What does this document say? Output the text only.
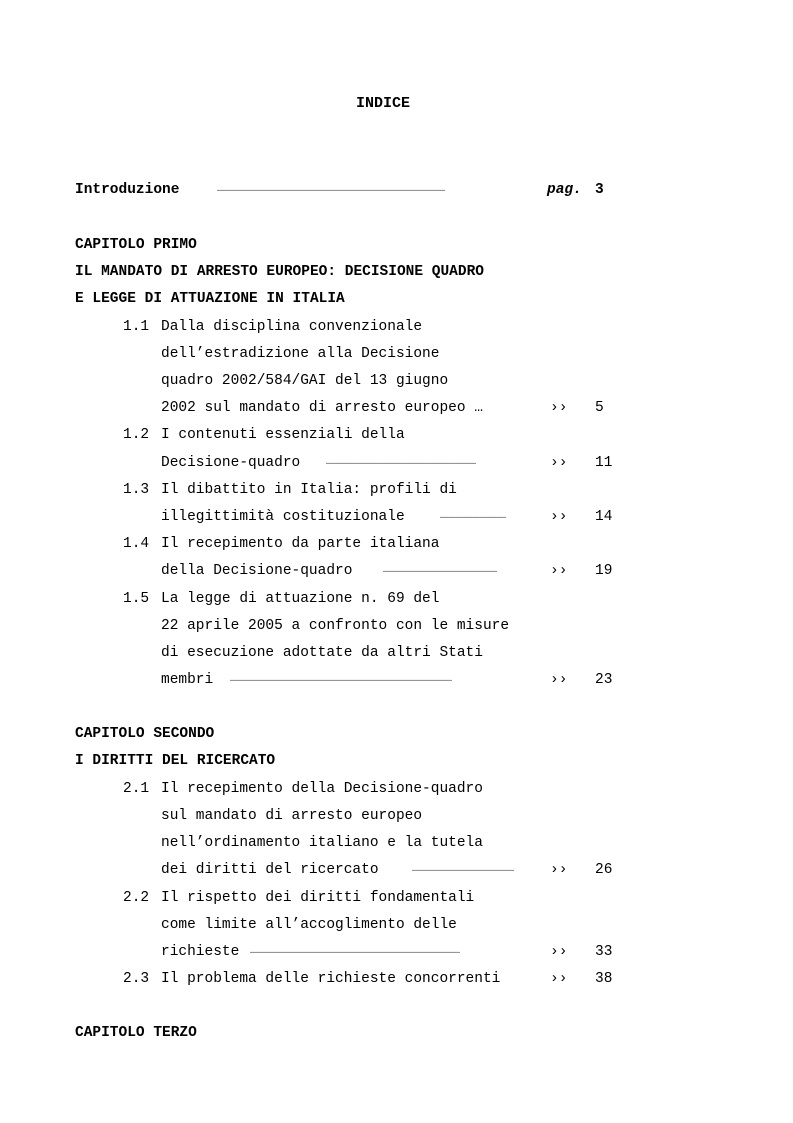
INDICE
Introduzione	……………………………………………………………………………………………………	pag. 3
CAPITOLO PRIMO
IL MANDATO DI ARRESTO EUROPEO: DECISIONE QUADRO
E LEGGE DI ATTUAZIONE IN ITALIA
1.1 Dalla disciplina convenzionale
dell’estradizione alla Decisione
quadro 2002/584/GAI del 13 giugno
2002 sul mandato di arresto europeo …	›› 5
1.2 I contenuti essenziali della
Decisione-quadro	…………………………………………………………………	›› 11
1.3 Il dibattito in Italia: profili di
illegittimità costituzionale	……………………………	›› 14
1.4 Il recepimento da parte italiana
della Decisione-quadro	…………………………………………………	›› 19
1.5 La legge di attuazione n. 69 del
22 aprile 2005 a confronto con le misure
di esecuzione adottate da altri Stati
membri …………………………………………………………………………………………………	›› 23
CAPITOLO SECONDO
I DIRITTI DEL RICERCATO
2.1 Il recepimento della Decisione-quadro
sul mandato di arresto europeo
nell’ordinamento italiano e la tutela
dei diritti del ricercato	……………………………………………	›› 26
2.2 Il rispetto dei diritti fondamentali
come limite all’accoglimento delle
richieste ……………………………………………………………………………………………	›› 33
2.3 Il problema delle richieste concorrenti	›› 38
CAPITOLO TERZO
